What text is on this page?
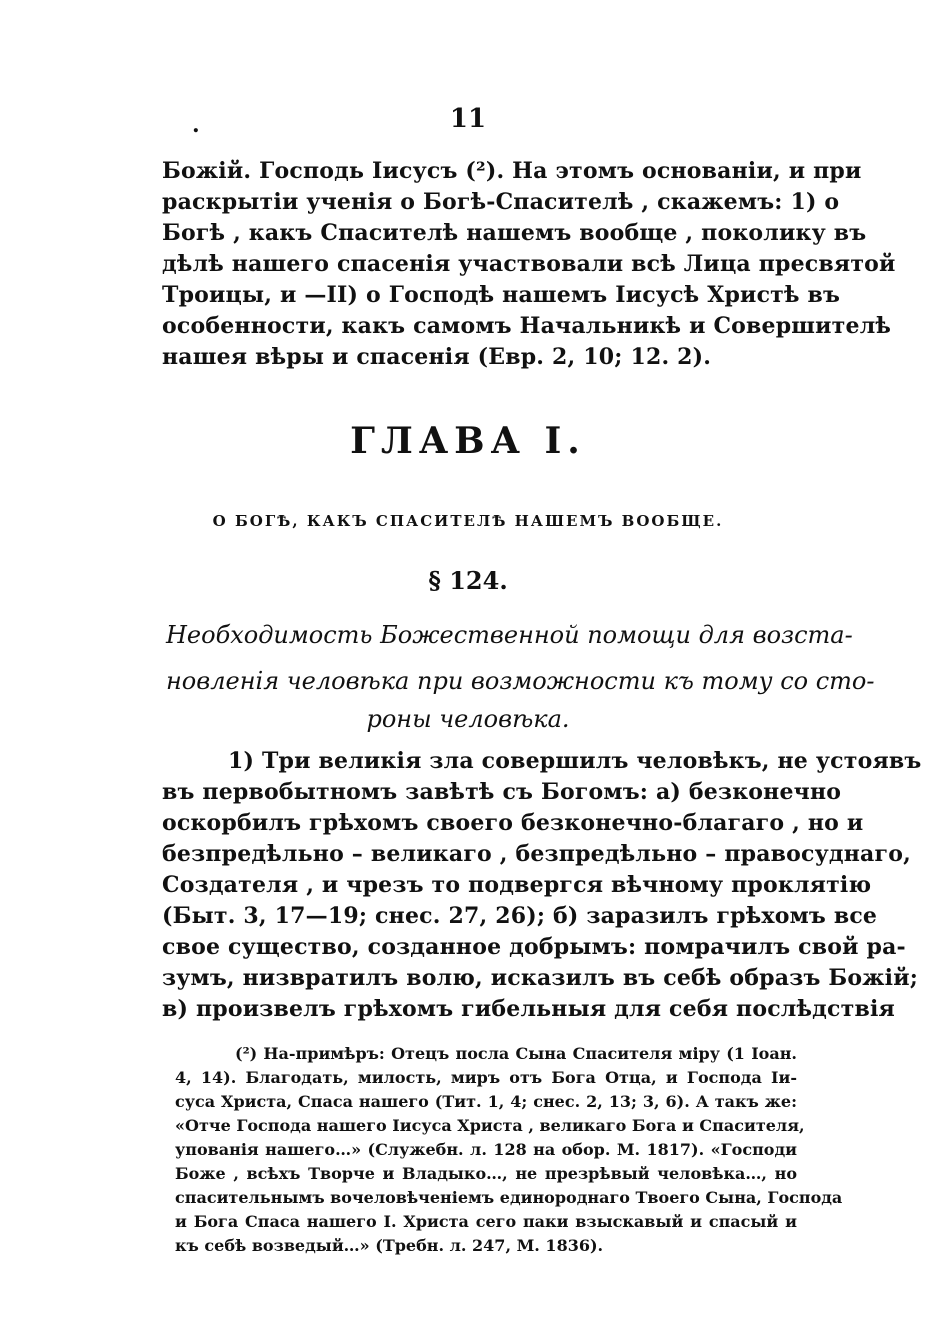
.	11
Божій. Господь Іисусъ (²). На этомъ основаніи, и при
раскрытіи ученія о Богѣ-Спасителѣ , скажемъ: 1) о
Богѣ , какъ Спасителѣ нашемъ вообще , поколику въ
дѣлѣ нашего спасенія участвовали всѣ Лица пресвятой
Троицы, и —II) о Господѣ нашемъ Іисусѣ Христѣ въ
особенности, какъ самомъ Начальникѣ и Совершителѣ
нашея вѣры и спасенія (Евр. 2, 10; 12. 2).
ГЛАВА I.
О БОГѢ, КАКЪ СПАСИТЕЛѢ НАШЕМЪ ВООБЩЕ.
§ 124.
Необходимость Божественной помощи для возста-
новленія человѣка при возможности къ тому со сто-
роны человѣка.
1) Три великія зла совершилъ человѣкъ, не устоявъ
въ первобытномъ завѣтѣ съ Богомъ: а) безконечно
оскорбилъ грѣхомъ своего безконечно-благаго , но и
безпредѣльно – великаго , безпредѣльно – правосуднаго,
Создателя , и чрезъ то подвергся вѣчному проклятію
(Быт. 3, 17—19; снес. 27, 26); б) заразилъ грѣхомъ все
свое существо, созданное добрымъ: помрачилъ свой ра-
зумъ, низвратилъ волю, исказилъ въ себѣ образъ Божій;
в) произвелъ грѣхомъ гибельныя для себя послѣдствія
(²) На-примѣръ: Отецъ посла Сына Спасителя міру (1 Іоан.
4, 14). Благодать, милость, миръ отъ Бога Отца, и Господа Іи-
суса Христа, Спаса нашего (Тит. 1, 4; снес. 2, 13; 3, 6). А такъ же:
«Отче Господа нашего Іисуса Христа , великаго Бога и Спасителя,
упованія нашего…» (Служебн. л. 128 на обор. М. 1817). «Господи
Боже , всѣхъ Творче и Владыко…, не презрѣвый человѣка…, но
спасительнымъ вочеловѣченіемъ единороднаго Твоего Сына, Господа
и Бога Спаса нашего I. Христа сего паки взыскавый и спасый и
къ себѣ возведый…» (Требн. л. 247, М. 1836).
